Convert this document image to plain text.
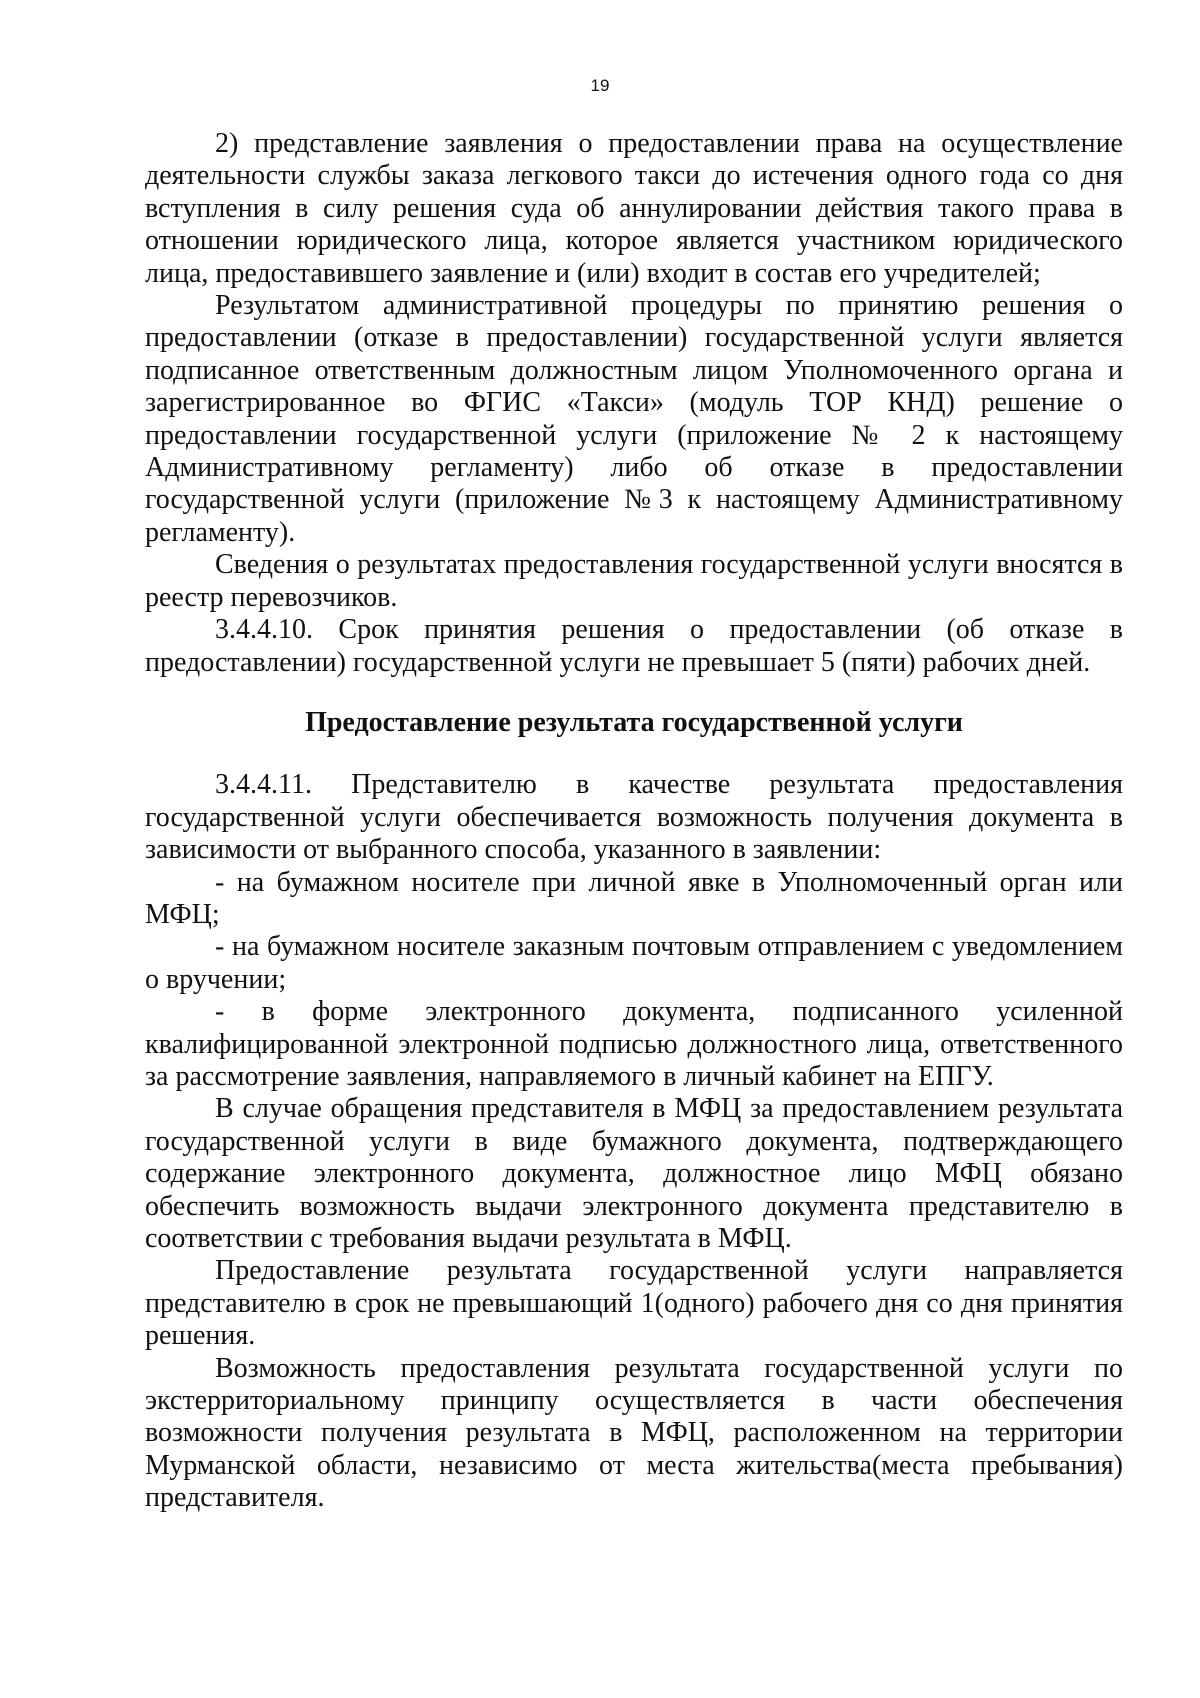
19

2) представление заявления о предоставлении права на осуществление деятельности службы заказа легкового такси до истечения одного года со дня вступления в силу решения суда об аннулировании действия такого права в отношении юридического лица, которое является участником юридического лица, предоставившего заявление и (или) входит в состав его учредителей;

Результатом административной процедуры по принятию решения о предоставлении (отказе в предоставлении) государственной услуги является подписанное ответственным должностным лицом Уполномоченного органа и зарегистрированное во ФГИС «Такси» (модуль ТОР КНД) решение о предоставлении государственной услуги (приложение № 2 к настоящему Административному регламенту) либо об отказе в предоставлении государственной услуги (приложение №3 к настоящему Административному регламенту).

Сведения о результатах предоставления государственной услуги вносятся в реестр перевозчиков.

3.4.4.10. Срок принятия решения о предоставлении (об отказе в предоставлении) государственной услуги не превышает 5 (пяти) рабочих дней.

Предоставление результата государственной услуги

3.4.4.11. Представителю в качестве результата предоставления государственной услуги обеспечивается возможность получения документа в зависимости от выбранного способа, указанного в заявлении:

- на бумажном носителе при личной явке в Уполномоченный орган или МФЦ;

- на бумажном носителе заказным почтовым отправлением с уведомлением о вручении;

- в форме электронного документа, подписанного усиленной квалифицированной электронной подписью должностного лица, ответственного за рассмотрение заявления, направляемого в личный кабинет на ЕПГУ.

В случае обращения представителя в МФЦ за предоставлением результата государственной услуги в виде бумажного документа, подтверждающего содержание электронного документа, должностное лицо МФЦ обязано обеспечить возможность выдачи электронного документа представителю в соответствии с требования выдачи результата в МФЦ.

Предоставление результата государственной услуги направляется представителю в срок не превышающий 1(одного) рабочего дня со дня принятия решения.

Возможность предоставления результата государственной услуги по экстерриториальному принципу осуществляется в части обеспечения возможности получения результата в МФЦ, расположенном на территории Мурманской области, независимо от места жительства(места пребывания) представителя.
